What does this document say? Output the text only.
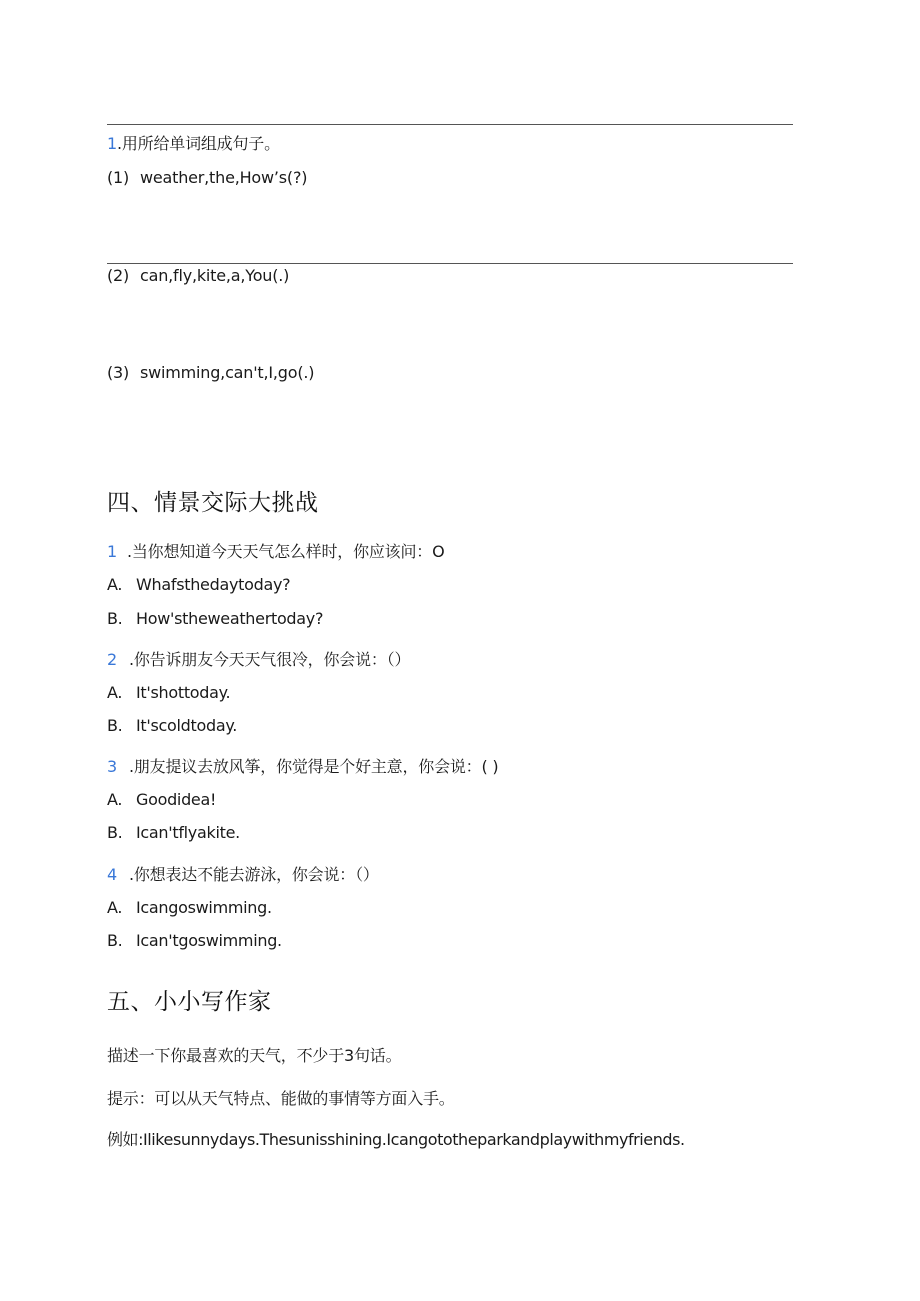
1.用所给单词组成句子。
(1) weather,the,How’s(?)
(2) can,fly,kite,a,You(.)
(3) swimming,can't,I,go(.)
四、情景交际大挑战
1 .当你想知道今天天气怎么样时，你应该问：O
A. Whafsthedaytoday?
B. How'stheweathertoday?
2 .你告诉朋友今天天气很冷，你会说：（）
A. It'shottoday.
B. It'scoldtoday.
3 .朋友提议去放风筝，你觉得是个好主意，你会说：( )
A. Goodidea!
B. Ican'tflyakite.
4 .你想表达不能去游泳，你会说：（）
A. Icangoswimming.
B. Ican'tgoswimming.
五、小小写作家
描述一下你最喜欢的天气，不少于3句话。
提示：可以从天气特点、能做的事情等方面入手。
例如:Ilikesunnydays.Thesunisshining.Icangototheparkandplaywithmyfriends.
